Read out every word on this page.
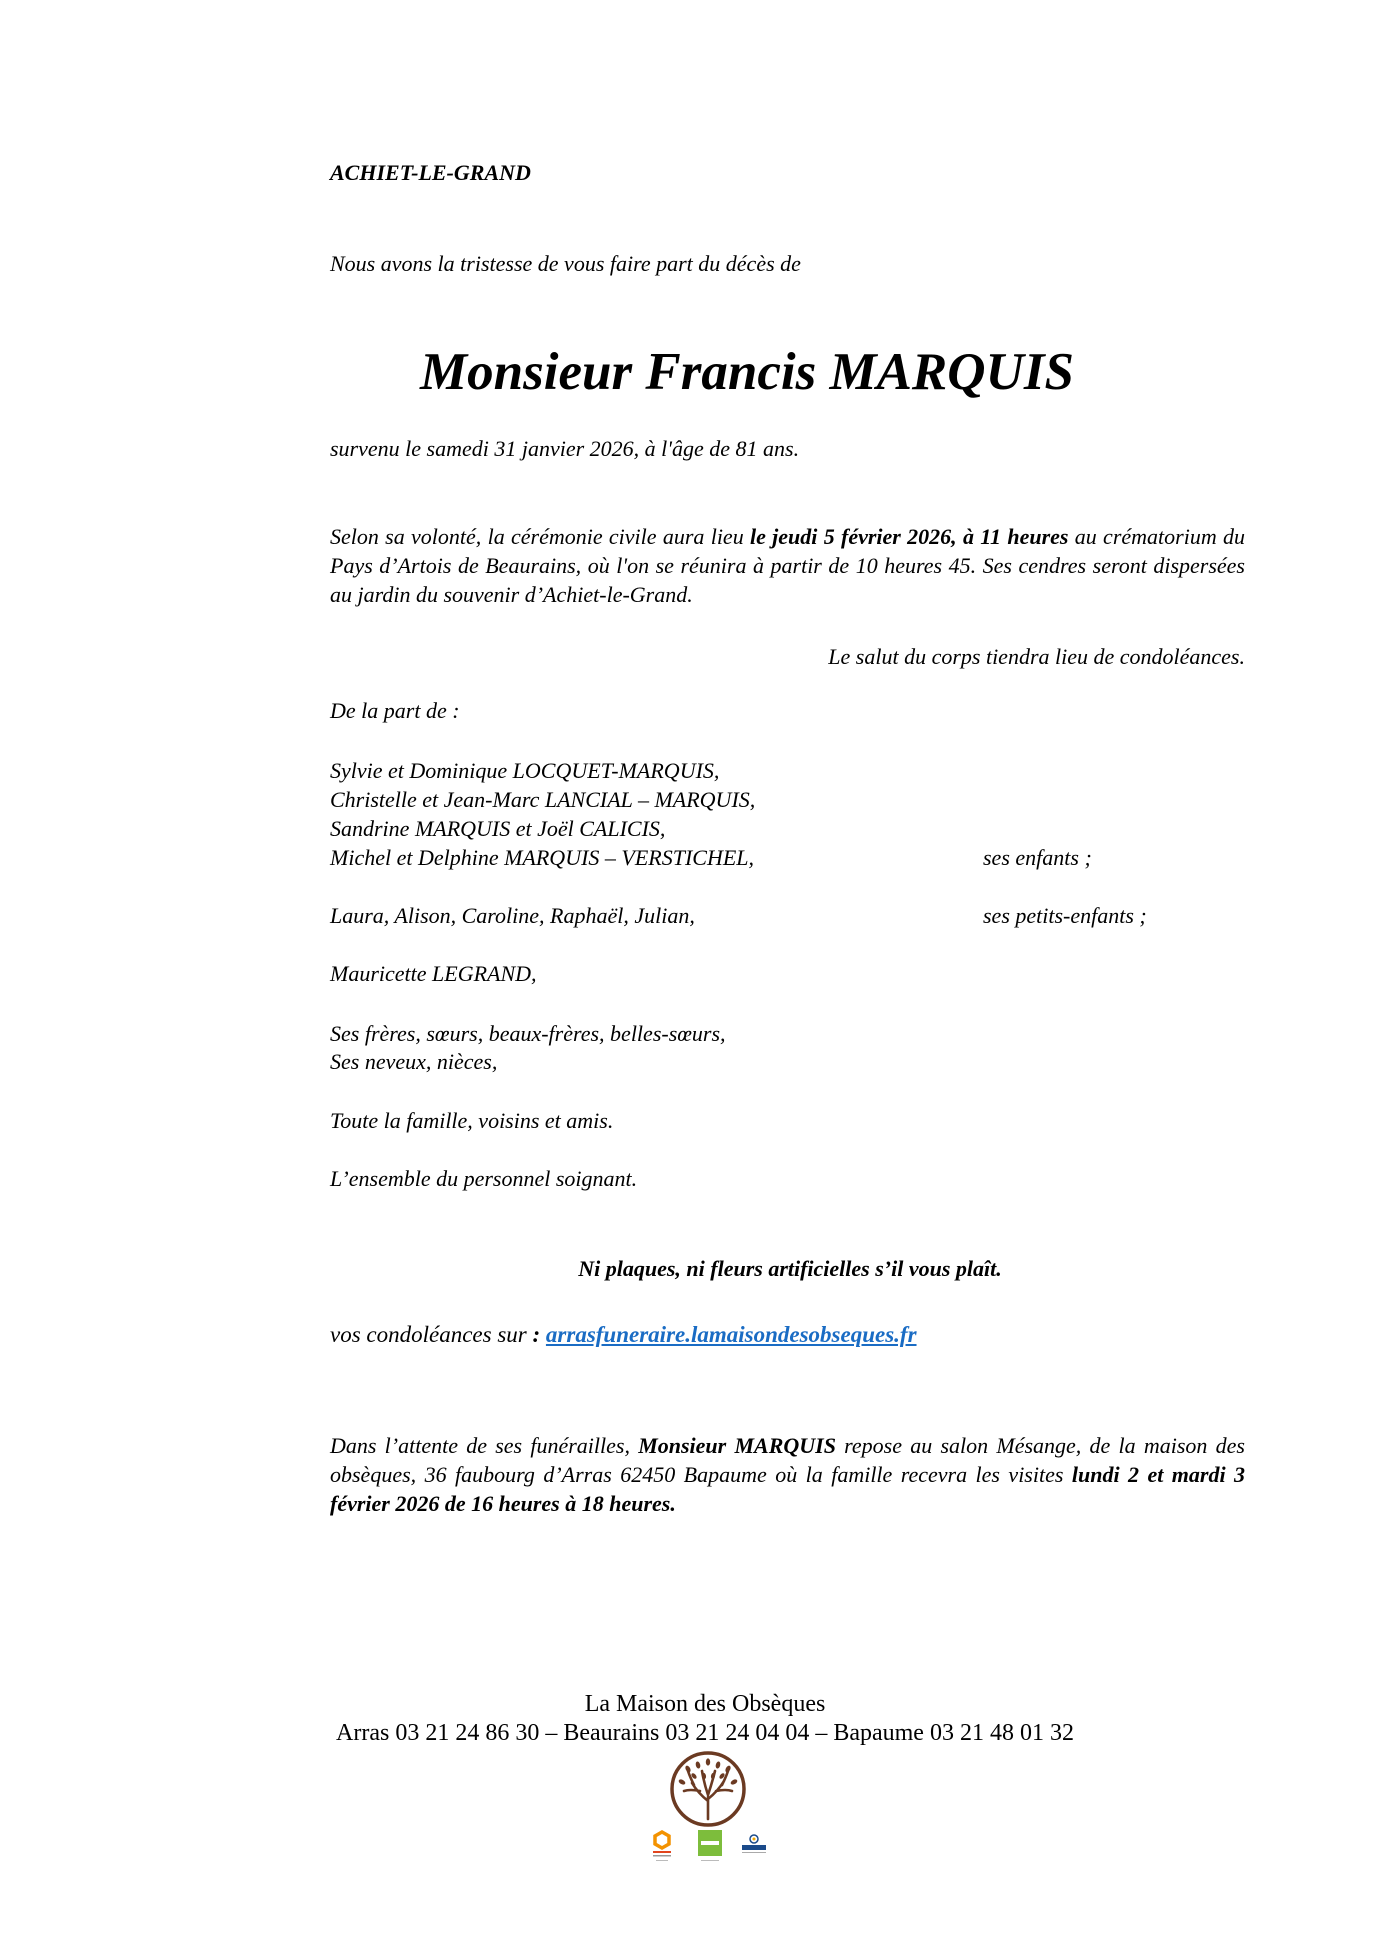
ACHIET-LE-GRAND
Nous avons la tristesse de vous faire part du décès de
Monsieur Francis MARQUIS
survenu le samedi 31 janvier 2026, à l'âge de 81 ans.
Selon sa volonté, la cérémonie civile aura lieu le jeudi 5 février 2026, à 11 heures au crématorium du Pays d’Artois de Beaurains, où l'on se réunira à partir de 10 heures 45. Ses cendres seront dispersées au jardin du souvenir d’Achiet-le-Grand.
Le salut du corps tiendra lieu de condoléances.
De la part de :
Sylvie et Dominique LOCQUET-MARQUIS,
Christelle et Jean-Marc LANCIAL – MARQUIS,
Sandrine MARQUIS et Joël CALICIS,
Michel et Delphine MARQUIS – VERSTICHEL,	ses enfants ;
Laura, Alison, Caroline, Raphaël, Julian,	ses petits-enfants ;
Mauricette LEGRAND,
Ses frères, sœurs, beaux-frères, belles-sœurs,
Ses neveux, nièces,
Toute la famille, voisins et amis.
L’ensemble du personnel soignant.
Ni plaques, ni fleurs artificielles s’il vous plaît.
vos condoléances sur : arrasfuneraire.lamaisondesobseques.fr
Dans l’attente de ses funérailles, Monsieur MARQUIS repose au salon Mésange, de la maison des obsèques, 36 faubourg d’Arras 62450 Bapaume où la famille recevra les visites lundi 2 et mardi 3 février 2026 de 16 heures à 18 heures.
La Maison des Obsèques
Arras 03 21 24 86 30 – Beaurains 03 21 24 04 04 – Bapaume 03 21 48 01 32
